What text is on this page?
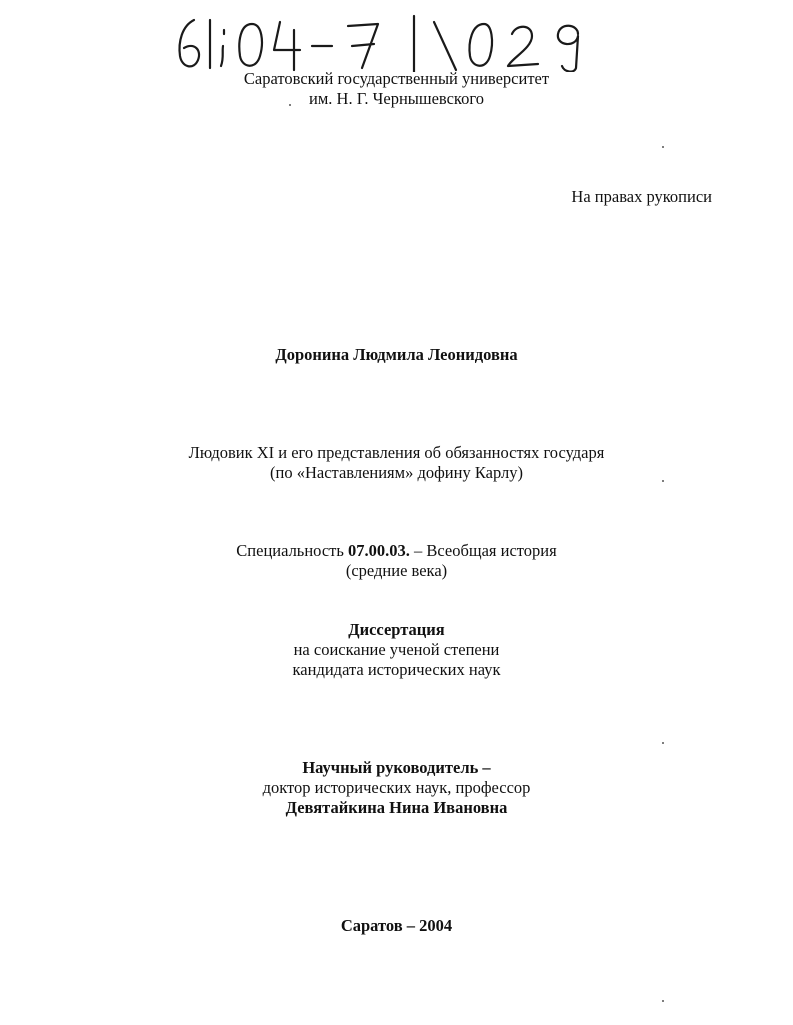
Саратовский государственный университет
им. Н. Г. Чернышевского
На правах рукописи
Доронина Людмила Леонидовна
Людовик XI и его представления об обязанностях государя
(по «Наставлениям» дофину Карлу)
Специальность 07.00.03. – Всеобщая история
(средние века)
Диссертация
на соискание ученой степени
кандидата исторических наук
Научный руководитель –
доктор исторических наук, профессор
Девятайкина Нина Ивановна
Саратов – 2004
